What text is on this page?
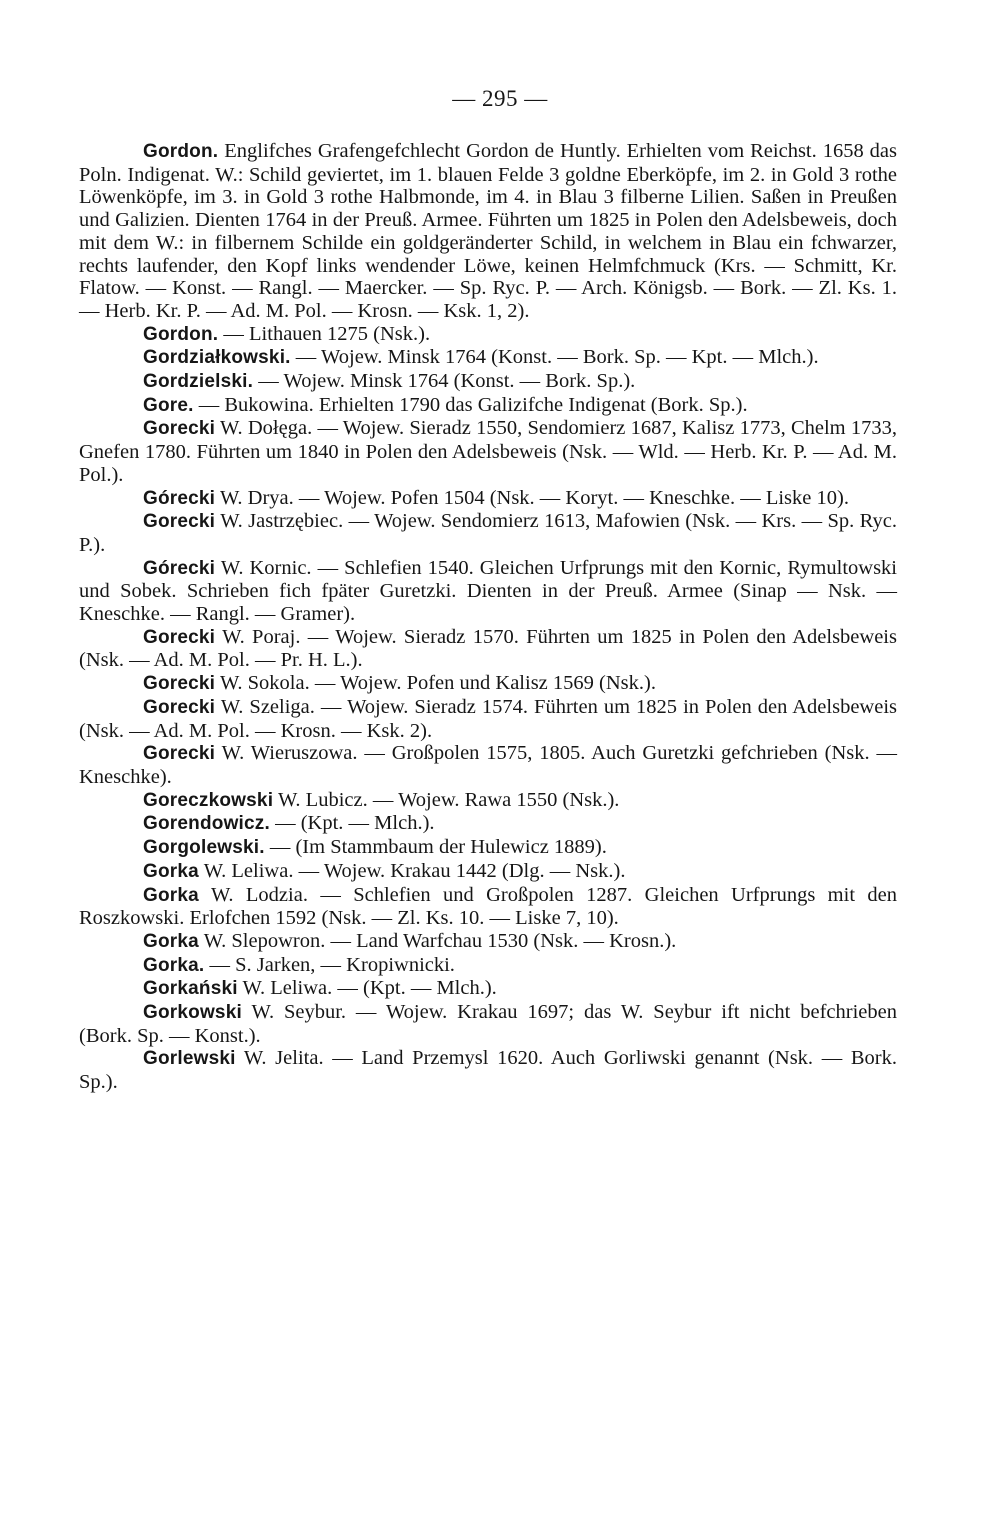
— 295 —

Gordon. Englifches Grafengefchlecht Gordon de Huntly. Erhielten vom Reichst. 1658 das Poln. Indigenat. W.: Schild geviertet, im 1. blauen Felde 3 goldne Eberköpfe, im 2. in Gold 3 rothe Löwenköpfe, im 3. in Gold 3 rothe Halbmonde, im 4. in Blau 3 filberne Lilien. Saßen in Preußen und Galizien. Dienten 1764 in der Preuß. Armee. Führten um 1825 in Polen den Adelsbeweis, doch mit dem W.: in filbernem Schilde ein goldgeränderter Schild, in welchem in Blau ein fchwarzer, rechts laufender, den Kopf links wendender Löwe, keinen Helmfchmuck (Krs. — Schmitt, Kr. Flatow. — Konst. — Rangl. — Maercker. — Sp. Ryc. P. — Arch. Königsb. — Bork. — Zl. Ks. 1. — Herb. Kr. P. — Ad. M. Pol. — Krosn. — Ksk. 1, 2).

Gordon. — Lithauen 1275 (Nsk.).

Gordziałkowski. — Wojew. Minsk 1764 (Konst. — Bork. Sp. — Kpt. — Mlch.).

Gordzielski. — Wojew. Minsk 1764 (Konst. — Bork. Sp.).

Gore. — Bukowina. Erhielten 1790 das Galizifche Indigenat (Bork. Sp.).

Gorecki W. Dołęga. — Wojew. Sieradz 1550, Sendomierz 1687, Kalisz 1773, Chelm 1733, Gnefen 1780. Führten um 1840 in Polen den Adelsbeweis (Nsk. — Wld. — Herb. Kr. P. — Ad. M. Pol.).

Górecki W. Drya. — Wojew. Pofen 1504 (Nsk. — Koryt. — Kneschke. — Liske 10).

Gorecki W. Jastrzębiec. — Wojew. Sendomierz 1613, Mafowien (Nsk. — Krs. — Sp. Ryc. P.).

Górecki W. Kornic. — Schlefien 1540. Gleichen Urfprungs mit den Kornic, Rymultowski und Sobek. Schrieben fich fpäter Guretzki. Dienten in der Preuß. Armee (Sinap — Nsk. — Kneschke. — Rangl. — Gramer).

Gorecki W. Poraj. — Wojew. Sieradz 1570. Führten um 1825 in Polen den Adelsbeweis (Nsk. — Ad. M. Pol. — Pr. H. L.).

Gorecki W. Sokola. — Wojew. Pofen und Kalisz 1569 (Nsk.).

Gorecki W. Szeliga. — Wojew. Sieradz 1574. Führten um 1825 in Polen den Adelsbeweis (Nsk. — Ad. M. Pol. — Krosn. — Ksk. 2).

Gorecki W. Wieruszowa. — Großpolen 1575, 1805. Auch Guretzki gefchrieben (Nsk. — Kneschke).

Goreczkowski W. Lubicz. — Wojew. Rawa 1550 (Nsk.).

Gorendowicz. — (Kpt. — Mlch.).

Gorgolewski. — (Im Stammbaum der Hulewicz 1889).

Gorka W. Leliwa. — Wojew. Krakau 1442 (Dlg. — Nsk.).

Gorka W. Lodzia. — Schlefien und Großpolen 1287. Gleichen Urfprungs mit den Roszkowski. Erlofchen 1592 (Nsk. — Zl. Ks. 10. — Liske 7, 10).

Gorka W. Slepowron. — Land Warfchau 1530 (Nsk. — Krosn.).

Gorka. — S. Jarken, — Kropiwnicki.

Gorkański W. Leliwa. — (Kpt. — Mlch.).

Gorkowski W. Seybur. — Wojew. Krakau 1697; das W. Seybur ift nicht befchrieben (Bork. Sp. — Konst.).

Gorlewski W. Jelita. — Land Przemysl 1620. Auch Gorliwski genannt (Nsk. — Bork. Sp.).
